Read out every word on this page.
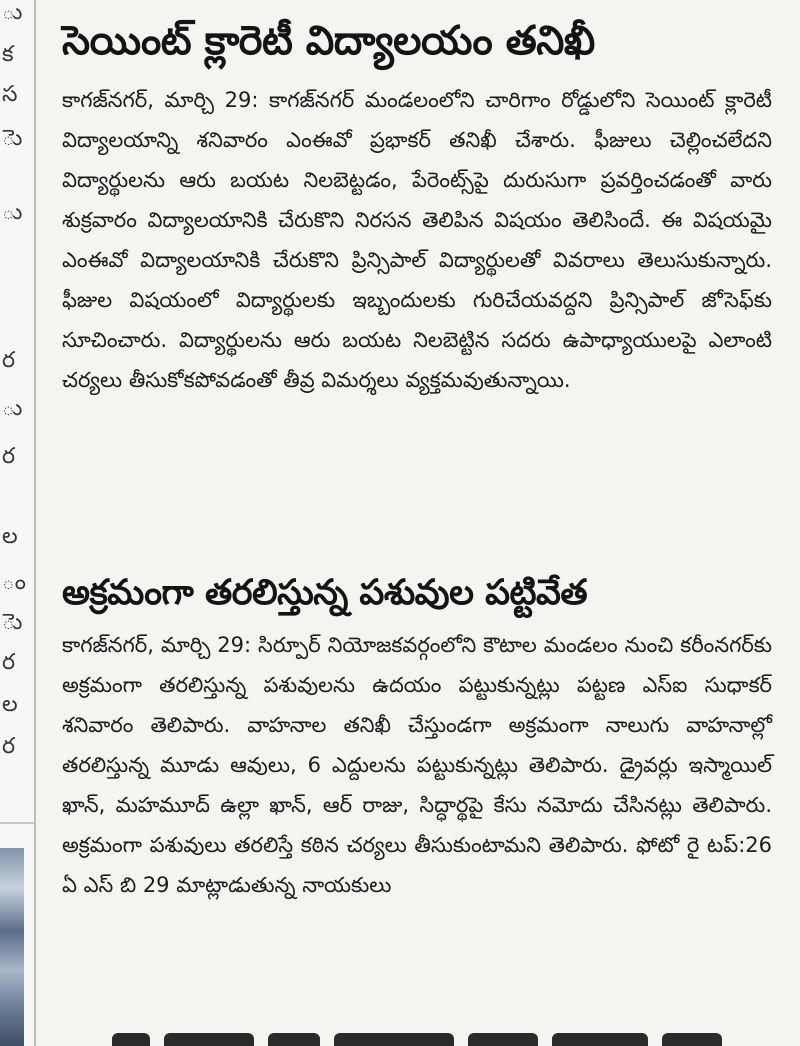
ు
క
స
ెు
ు
ర
ు
ర
ల
ం
ెు
ర
ల
ర
సెయింట్ క్లారెటీ విద్యాలయం తనిఖీ

కాగజ్‌నగర్, మార్చి 29: కాగజ్‌నగర్ మండలంలోని చారిగాం రోడ్డులోని సెయింట్ క్లారెటీ విద్యాలయాన్ని శనివారం ఎంఈవో ప్రభాకర్ తనిఖీ చేశారు. ఫీజులు చెల్లించలేదని విద్యార్థులను ఆరు బయట నిలబెట్టడం, పేరెంట్స్‌పై దురుసుగా ప్రవర్తించడంతో వారు శుక్రవారం విద్యాలయానికి చేరుకొని నిరసన తెలిపిన విషయం తెలిసిందే. ఈ విషయమై ఎంఈవో విద్యాలయానికి చేరుకొని ప్రిన్సిపాల్ విద్యార్థులతో వివరాలు తెలుసుకున్నారు. ఫీజుల విషయంలో విద్యార్థులకు ఇబ్బందులకు గురిచేయవద్దని ప్రిన్సిపాల్ జోసెఫ్‌కు సూచించారు. విద్యార్థులను ఆరు బయట నిలబెట్టిన సదరు ఉపాధ్యాయులపై ఎలాంటి చర్యలు తీసుకోకపోవడంతో తీవ్ర విమర్శలు వ్యక్తమవుతున్నాయి.

అక్రమంగా తరలిస్తున్న పశువుల పట్టివేత

కాగజ్‌నగర్, మార్చి 29: సిర్పూర్ నియోజకవర్గంలోని కౌటాల మండలం నుంచి కరీంనగర్‌కు అక్రమంగా తరలిస్తున్న పశువులను ఉదయం పట్టుకున్నట్లు పట్టణ ఎస్ఐ సుధాకర్ శనివారం తెలిపారు. వాహనాల తనిఖీ చేస్తుండగా అక్రమంగా నాలుగు వాహనాల్లో తరలిస్తున్న మూడు ఆవులు, 6 ఎద్దులను పట్టుకున్నట్లు తెలిపారు. డ్రైవర్లు ఇస్మాయిల్ ఖాన్, మహమూద్ ఉల్లా ఖాన్, ఆర్ రాజు, సిద్ధార్థపై కేసు నమోదు చేసినట్లు తెలిపారు. అక్రమంగా పశువులు తరలిస్తే కఠిన చర్యలు తీసుకుంటామని తెలిపారు. ఫోటో రై టప్:26 ఏ ఎస్ బి 29 మాట్లాడుతున్న నాయకులు
